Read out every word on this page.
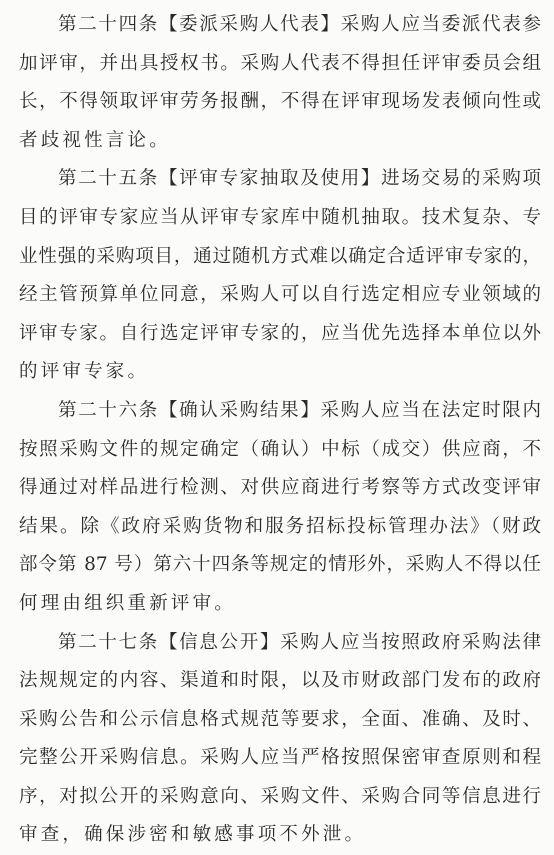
第二十四条【委派采购人代表】采购人应当委派代表参
加评审，并出具授权书。采购人代表不得担任评审委员会组
长，不得领取评审劳务报酬，不得在评审现场发表倾向性或
者歧视性言论。
第二十五条【评审专家抽取及使用】进场交易的采购项
目的评审专家应当从评审专家库中随机抽取。技术复杂、专
业性强的采购项目，通过随机方式难以确定合适评审专家的，
经主管预算单位同意，采购人可以自行选定相应专业领域的
评审专家。自行选定评审专家的，应当优先选择本单位以外
的评审专家。
第二十六条【确认采购结果】采购人应当在法定时限内
按照采购文件的规定确定（确认）中标（成交）供应商，不
得通过对样品进行检测、对供应商进行考察等方式改变评审
结果。除《政府采购货物和服务招标投标管理办法》（财政
部令第 87 号）第六十四条等规定的情形外，采购人不得以任
何理由组织重新评审。
第二十七条【信息公开】采购人应当按照政府采购法律
法规规定的内容、渠道和时限，以及市财政部门发布的政府
采购公告和公示信息格式规范等要求，全面、准确、及时、
完整公开采购信息。采购人应当严格按照保密审查原则和程
序，对拟公开的采购意向、采购文件、采购合同等信息进行
审查，确保涉密和敏感事项不外泄。
